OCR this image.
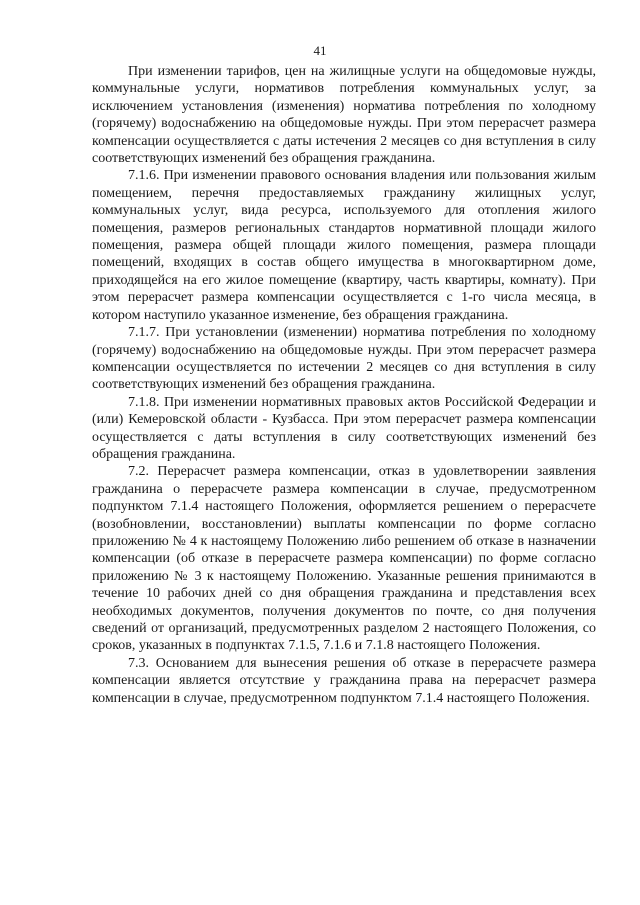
41

При изменении тарифов, цен на жилищные услуги на общедомовые нужды, коммунальные услуги, нормативов потребления коммунальных услуг, за исключением установления (изменения) норматива потребления по холодному (горячему) водоснабжению на общедомовые нужды. При этом перерасчет размера компенсации осуществляется с даты истечения 2 месяцев со дня вступления в силу соответствующих изменений без обращения гражданина.

7.1.6. При изменении правового основания владения или пользования жилым помещением, перечня предоставляемых гражданину жилищных услуг, коммунальных услуг, вида ресурса, используемого для отопления жилого помещения, размеров региональных стандартов нормативной площади жилого помещения, размера общей площади жилого помещения, размера площади помещений, входящих в состав общего имущества в многоквартирном доме, приходящейся на его жилое помещение (квартиру, часть квартиры, комнату). При этом перерасчет размера компенсации осуществляется с 1-го числа месяца, в котором наступило указанное изменение, без обращения гражданина.

7.1.7. При установлении (изменении) норматива потребления по холодному (горячему) водоснабжению на общедомовые нужды. При этом перерасчет размера компенсации осуществляется по истечении 2 месяцев со дня вступления в силу соответствующих изменений без обращения гражданина.

7.1.8. При изменении нормативных правовых актов Российской Федерации и (или) Кемеровской области - Кузбасса. При этом перерасчет размера компенсации осуществляется с даты вступления в силу соответствующих изменений без обращения гражданина.

7.2. Перерасчет размера компенсации, отказ в удовлетворении заявления гражданина о перерасчете размера компенсации в случае, предусмотренном подпунктом 7.1.4 настоящего Положения, оформляется решением о перерасчете (возобновлении, восстановлении) выплаты компенсации по форме согласно приложению № 4 к настоящему Положению либо решением об отказе в назначении компенсации (об отказе в перерасчете размера компенсации) по форме согласно приложению № 3 к настоящему Положению. Указанные решения принимаются в течение 10 рабочих дней со дня обращения гражданина и представления всех необходимых документов, получения документов по почте, со дня получения сведений от организаций, предусмотренных разделом 2 настоящего Положения, со сроков, указанных в подпунктах 7.1.5, 7.1.6 и 7.1.8 настоящего Положения.

7.3. Основанием для вынесения решения об отказе в перерасчете размера компенсации является отсутствие у гражданина права на перерасчет размера компенсации в случае, предусмотренном подпунктом 7.1.4 настоящего Положения.
